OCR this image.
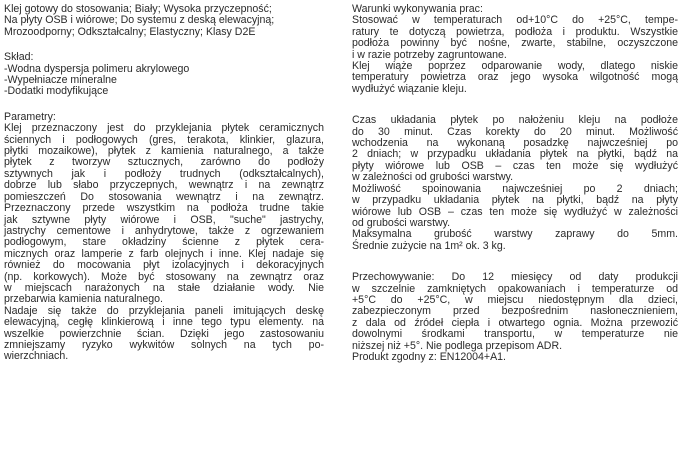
Klej gotowy do stosowania; Biały; Wysoka przyczepność;
Na płyty OSB i wiórowe; Do systemu z deską elewacyjną;
Mrozoodporny; Odkształcalny; Elastyczny; Klasy D2E
Skład:
-Wodna dyspersja polimeru akrylowego
-Wypełniacze mineralne
-Dodatki modyfikujące
Parametry:
Klej przeznaczony jest do przyklejania płytek ceramicznych
ściennych i podłogowych (gres, terakota, klinkier, glazura,
płytki mozaikowe), płytek z kamienia naturalnego, a także
płytek z tworzyw sztucznych, zarówno do podłoży
sztywnych jak i podłoży trudnych (odkształcalnych),
dobrze lub słabo przyczepnych, wewnątrz i na zewnątrz
pomieszczeń Do stosowania wewnątrz i na zewnątrz.
Przeznaczony przede wszystkim na podłoża trudne takie
jak sztywne płyty wiórowe i OSB, "suche" jastrychy,
jastrychy cementowe i anhydrytowe, także z ogrzewaniem
podłogowym, stare okładziny ścienne z płytek cera-
micznych oraz lamperie z farb olejnych i inne. Klej nadaje się
również do mocowania płyt izolacyjnych i dekoracyjnych
(np. korkowych). Może być stosowany na zewnątrz oraz
w miejscach narażonych na stałe działanie wody. Nie
przebarwia kamienia naturalnego.
Nadaje się także do przyklejania paneli imitujących deskę
elewacyjną, cegłę klinkierową i inne tego typu elementy. na
wszelkie powierzchnie ścian. Dzięki jego zastosowaniu
zmniejszamy ryzyko wykwitów solnych na tych po-
wierzchniach.
Warunki wykonywania prac:
Stosować w temperaturach od+10°C do +25°C, tempe-
ratury te dotyczą powietrza, podłoża i produktu. Wszystkie
podłoża powinny być nośne, zwarte, stabilne, oczyszczone
i w razie potrzeby zagruntowane.
Klej wiąże poprzez odparowanie wody, dlatego niskie
temperatury powietrza oraz jego wysoka wilgotność mogą
wydłużyć wiązanie kleju.
Czas układania płytek po nałożeniu kleju na podłoże
do 30 minut. Czas korekty do 20 minut. Możliwość
wchodzenia na wykonaną posadzkę najwcześniej po
2 dniach; w przypadku układania płytek na płytki, bądź na
płyty wiórowe lub OSB – czas ten może się wydłużyć
w zależności od grubości warstwy.
Możliwość spoinowania najwcześniej po 2 dniach;
w przypadku układania płytek na płytki, bądź na płyty
wiórowe lub OSB – czas ten może się wydłużyć w zależności
od grubości warstwy.
Maksymalna grubość warstwy zaprawy do 5mm.
Średnie zużycie na 1m² ok. 3 kg.
Przechowywanie: Do 12 miesięcy od daty produkcji
w szczelnie zamkniętych opakowaniach i temperaturze od
+5°C do +25°C, w miejscu niedostępnym dla dzieci,
zabezpieczonym przed bezpośrednim nasłonecznieniem,
z dala od źródeł ciepła i otwartego ognia. Można przewozić
dowolnymi środkami transportu, w temperaturze nie
niższej niż +5°. Nie podlega przepisom ADR.
Produkt zgodny z: EN12004+A1.
